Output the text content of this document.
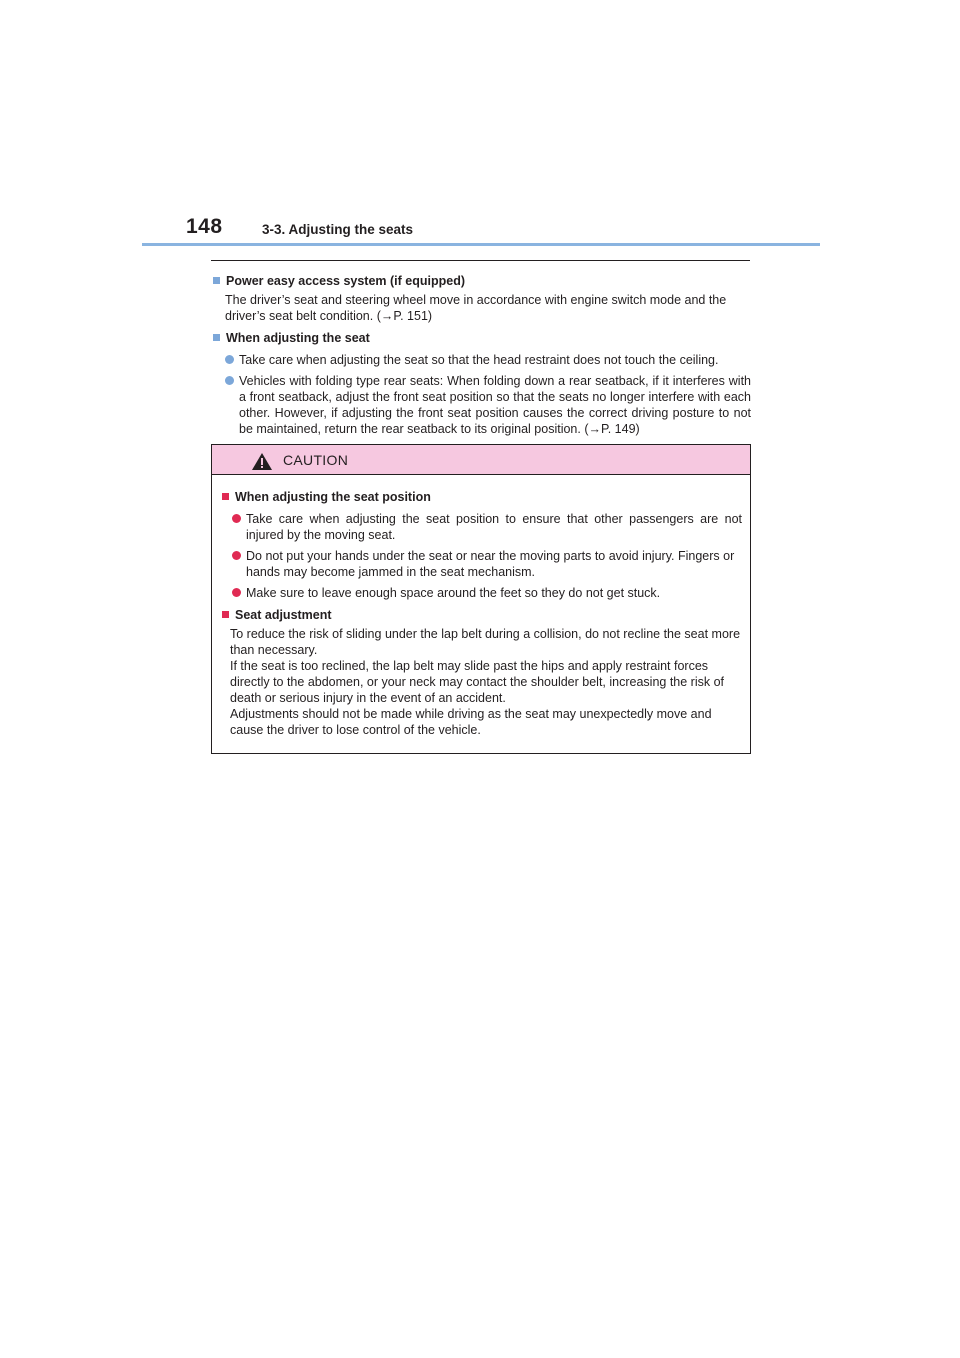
148	3-3. Adjusting the seats
Power easy access system (if equipped)
The driver’s seat and steering wheel move in accordance with engine switch mode and the driver’s seat belt condition. (→P. 151)
When adjusting the seat
Take care when adjusting the seat so that the head restraint does not touch the ceiling.
Vehicles with folding type rear seats: When folding down a rear seatback, if it interferes with a front seatback, adjust the front seat position so that the seats no longer interfere with each other. However, if adjusting the front seat position causes the correct driving posture to not be maintained, return the rear seatback to its original position. (→P. 149)
CAUTION
When adjusting the seat position
Take care when adjusting the seat position to ensure that other passengers are not injured by the moving seat.
Do not put your hands under the seat or near the moving parts to avoid injury. Fingers or hands may become jammed in the seat mechanism.
Make sure to leave enough space around the feet so they do not get stuck.
Seat adjustment
To reduce the risk of sliding under the lap belt during a collision, do not recline the seat more than necessary.
If the seat is too reclined, the lap belt may slide past the hips and apply restraint forces directly to the abdomen, or your neck may contact the shoulder belt, increasing the risk of death or serious injury in the event of an accident.
Adjustments should not be made while driving as the seat may unexpectedly move and cause the driver to lose control of the vehicle.
